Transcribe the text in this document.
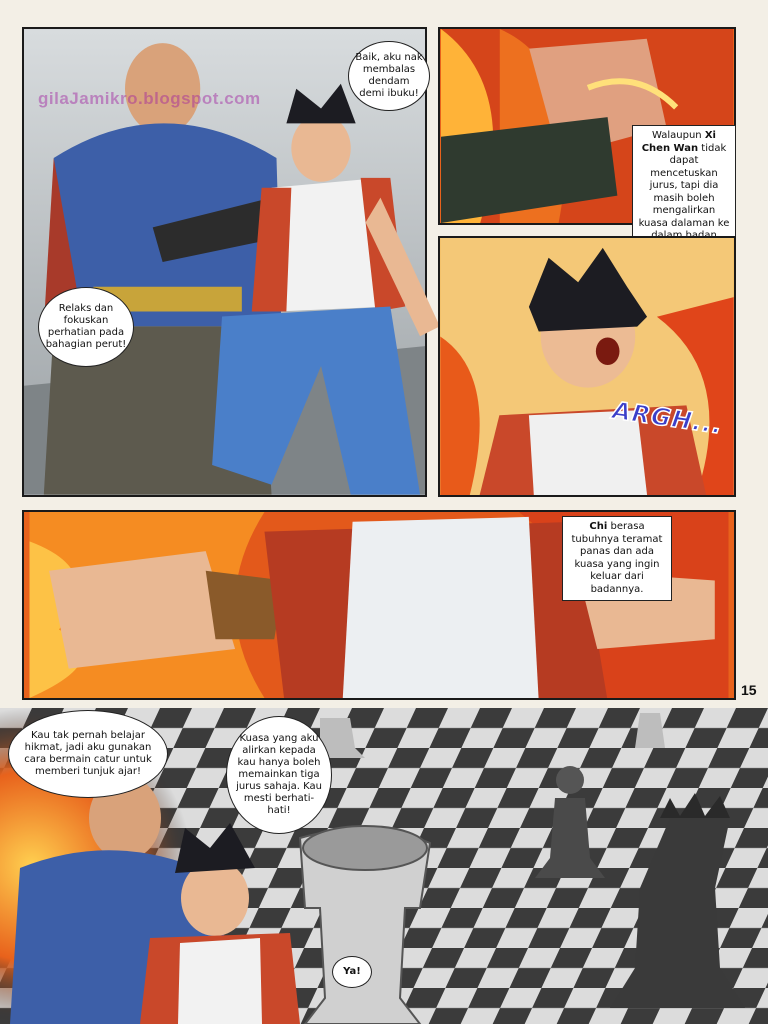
gilaJamikro.blogspot.com
Baik, aku nak membalas dendam demi ibuku!
Relaks dan fokuskan perhatian pada bahagian perut!
Walaupun Xi Chen Wan tidak dapat mencetuskan jurus, tapi dia masih boleh mengalirkan kuasa dalaman ke
ARGH...
Chi berasa tubuhnya teramat panas dan ada kuasa yang ingin keluar dari badannya.
15
Kau tak pernah belajar hikmat, jadi aku gunakan cara bermain catur untuk memberi tunjuk ajar!
Kuasa yang aku alirkan kepada kau hanya boleh memainkan tiga jurus sahaja. Kau mesti berhati-hati!
Ya!
